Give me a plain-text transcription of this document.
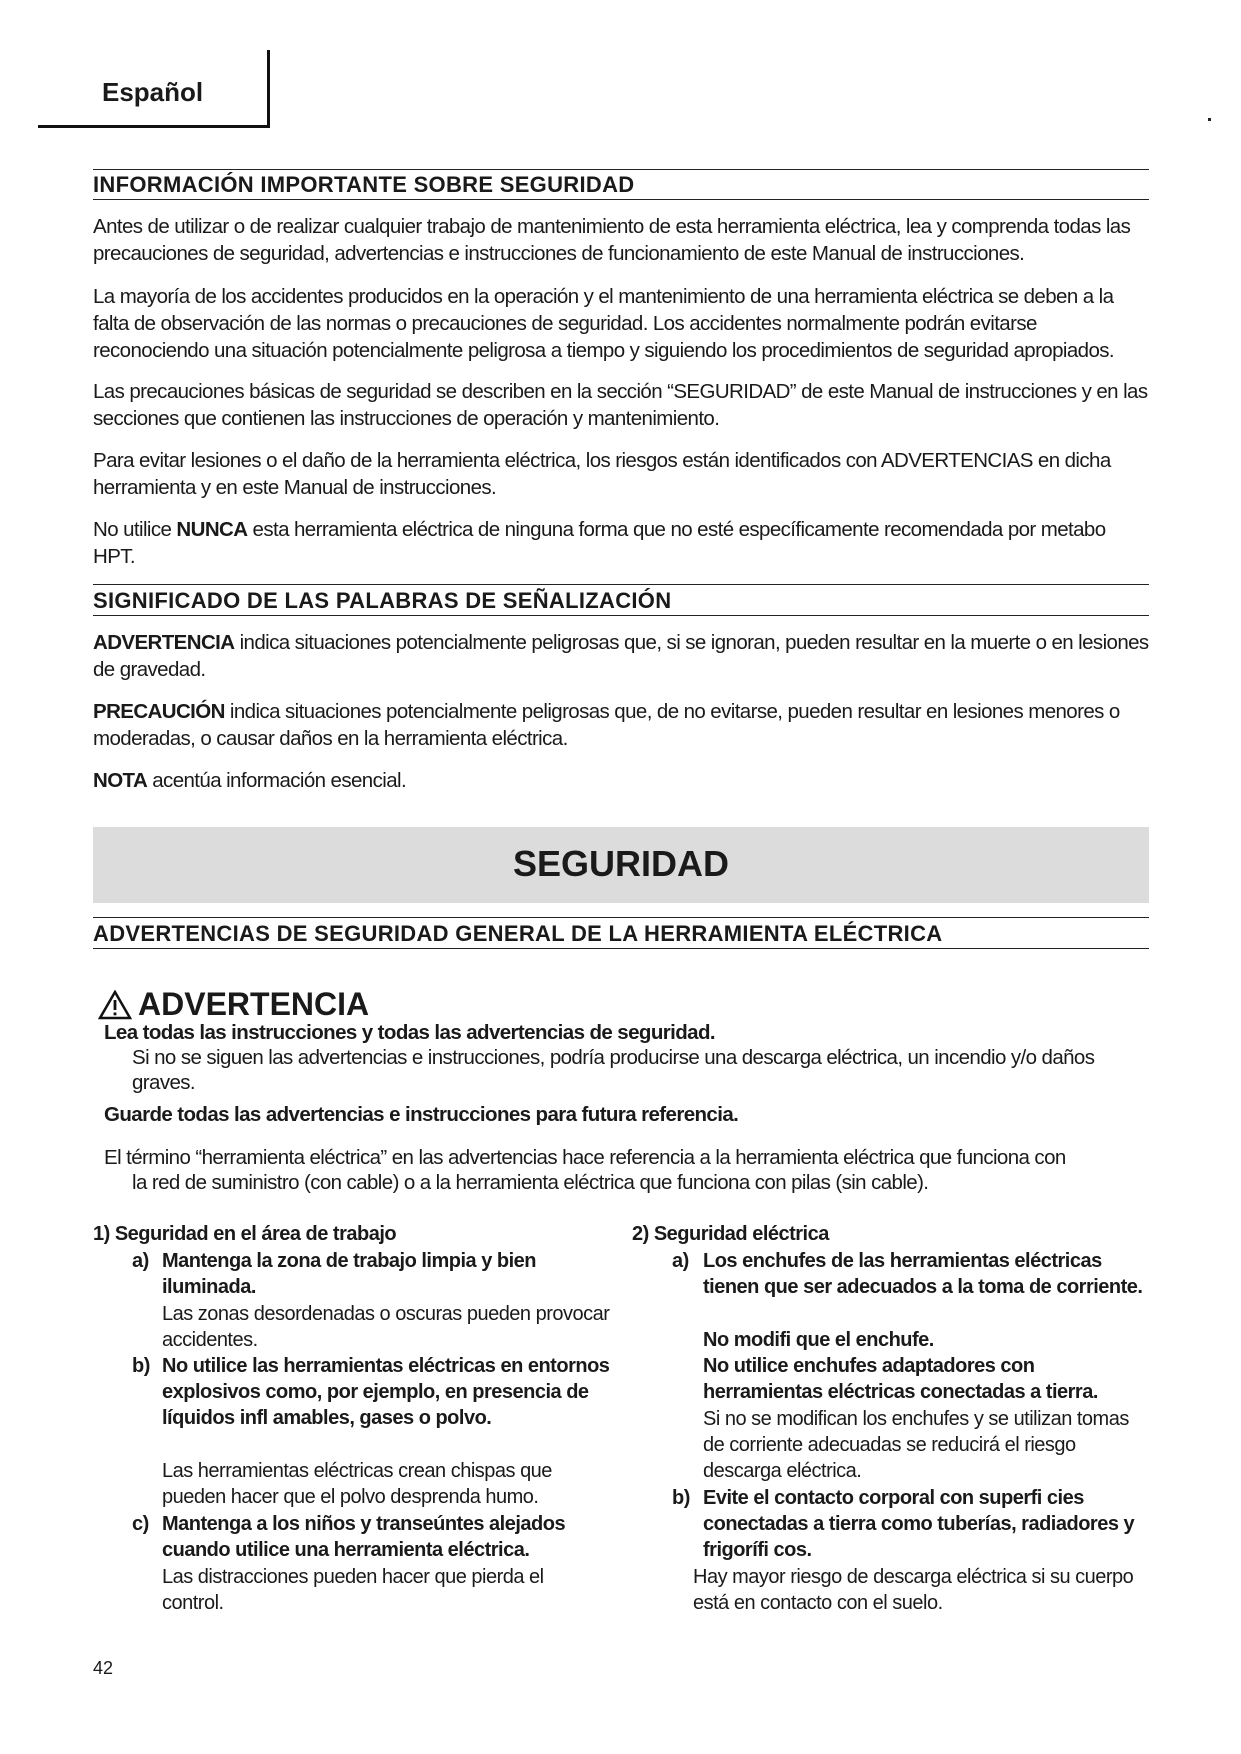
Español
INFORMACIÓN IMPORTANTE SOBRE SEGURIDAD
Antes de utilizar o de realizar cualquier trabajo de mantenimiento de esta herramienta eléctrica, lea y comprenda todas las precauciones de seguridad, advertencias e instrucciones de funcionamiento de este Manual de instrucciones.
La mayoría de los accidentes producidos en la operación y el mantenimiento de una herramienta eléctrica se deben a la falta de observación de las normas o precauciones de seguridad. Los accidentes normalmente podrán evitarse reconociendo una situación potencialmente peligrosa a tiempo y siguiendo los procedimientos de seguridad apropiados.
Las precauciones básicas de seguridad se describen en la sección “SEGURIDAD” de este Manual de instrucciones y en las secciones que contienen las instrucciones de operación y mantenimiento.
Para evitar lesiones o el daño de la herramienta eléctrica, los riesgos están identificados con ADVERTENCIAS en dicha herramienta y en este Manual de instrucciones.
No utilice NUNCA esta herramienta eléctrica de ninguna forma que no esté específicamente recomendada por metabo HPT.
SIGNIFICADO DE LAS PALABRAS DE SEÑALIZACIÓN
ADVERTENCIA indica situaciones potencialmente peligrosas que, si se ignoran, pueden resultar en la muerte o en lesiones de gravedad.
PRECAUCIÓN indica situaciones potencialmente peligrosas que, de no evitarse, pueden resultar en lesiones menores o moderadas, o causar daños en la herramienta eléctrica.
NOTA acentúa información esencial.
SEGURIDAD
ADVERTENCIAS DE SEGURIDAD GENERAL DE LA HERRAMIENTA ELÉCTRICA
ADVERTENCIA
Lea todas las instrucciones y todas las advertencias de seguridad.
Si no se siguen las advertencias e instrucciones, podría producirse una descarga eléctrica, un incendio y/o daños graves.
Guarde todas las advertencias e instrucciones para futura referencia.
El término “herramienta eléctrica” en las advertencias hace referencia a la herramienta eléctrica que funciona con
la red de suministro (con cable) o a la herramienta eléctrica que funciona con pilas (sin cable).
1) Seguridad en el área de trabajo
a) Mantenga la zona de trabajo limpia y bien iluminada.
Las zonas desordenadas o oscuras pueden provocar accidentes.
b) No utilice las herramientas eléctricas en entornos explosivos como, por ejemplo, en presencia de líquidos infl amables, gases o polvo.
Las herramientas eléctricas crean chispas que pueden hacer que el polvo desprenda humo.
c) Mantenga a los niños y transeúntes alejados cuando utilice una herramienta eléctrica.
Las distracciones pueden hacer que pierda el control.
2) Seguridad eléctrica
a) Los enchufes de las herramientas eléctricas tienen que ser adecuados a la toma de corriente.
No modifi que el enchufe.
No utilice enchufes adaptadores con herramientas eléctricas conectadas a tierra.
Si no se modifican los enchufes y se utilizan tomas de corriente adecuadas se reducirá el riesgo descarga eléctrica.
b) Evite el contacto corporal con superfi cies conectadas a tierra como tuberías, radiadores y frigorífi cos.
Hay mayor riesgo de descarga eléctrica si su cuerpo está en contacto con el suelo.
42
